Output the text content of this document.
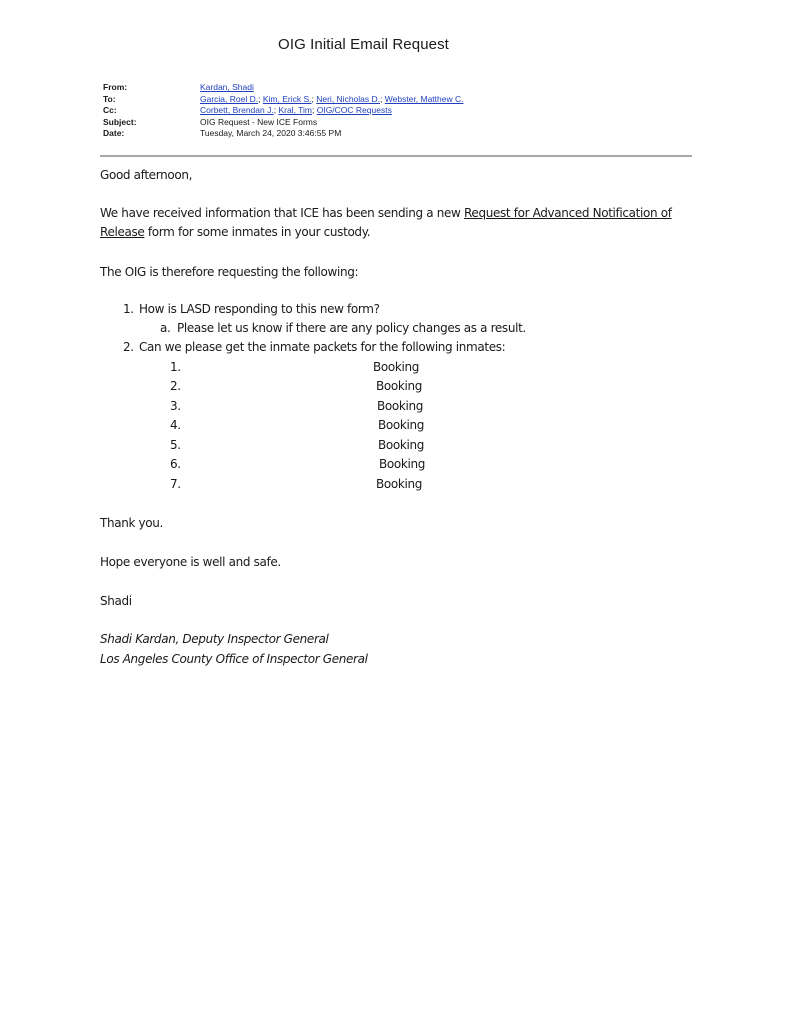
OIG Initial Email Request
From:	Kardan, Shadi
To:	Garcia, Roel D.; Kim, Erick S.; Neri, Nicholas D.; Webster, Matthew C.
Cc:	Corbett, Brendan J.; Kral, Tim; OIG/COC Requests
Subject:	OIG Request - New ICE Forms
Date:	Tuesday, March 24, 2020 3:46:55 PM
Good afternoon,
We have received information that ICE has been sending a new Request for Advanced Notification of
Release form for some inmates in your custody.
The OIG is therefore requesting the following:
1. How is LASD responding to this new form?
a. Please let us know if there are any policy changes as a result.
2. Can we please get the inmate packets for the following inmates:
1.	Booking
2.	Booking
3.	Booking
4.	Booking
5.	Booking
6.	Booking
7.	Booking
Thank you.
Hope everyone is well and safe.
Shadi
Shadi Kardan, Deputy Inspector General
Los Angeles County Office of Inspector General
